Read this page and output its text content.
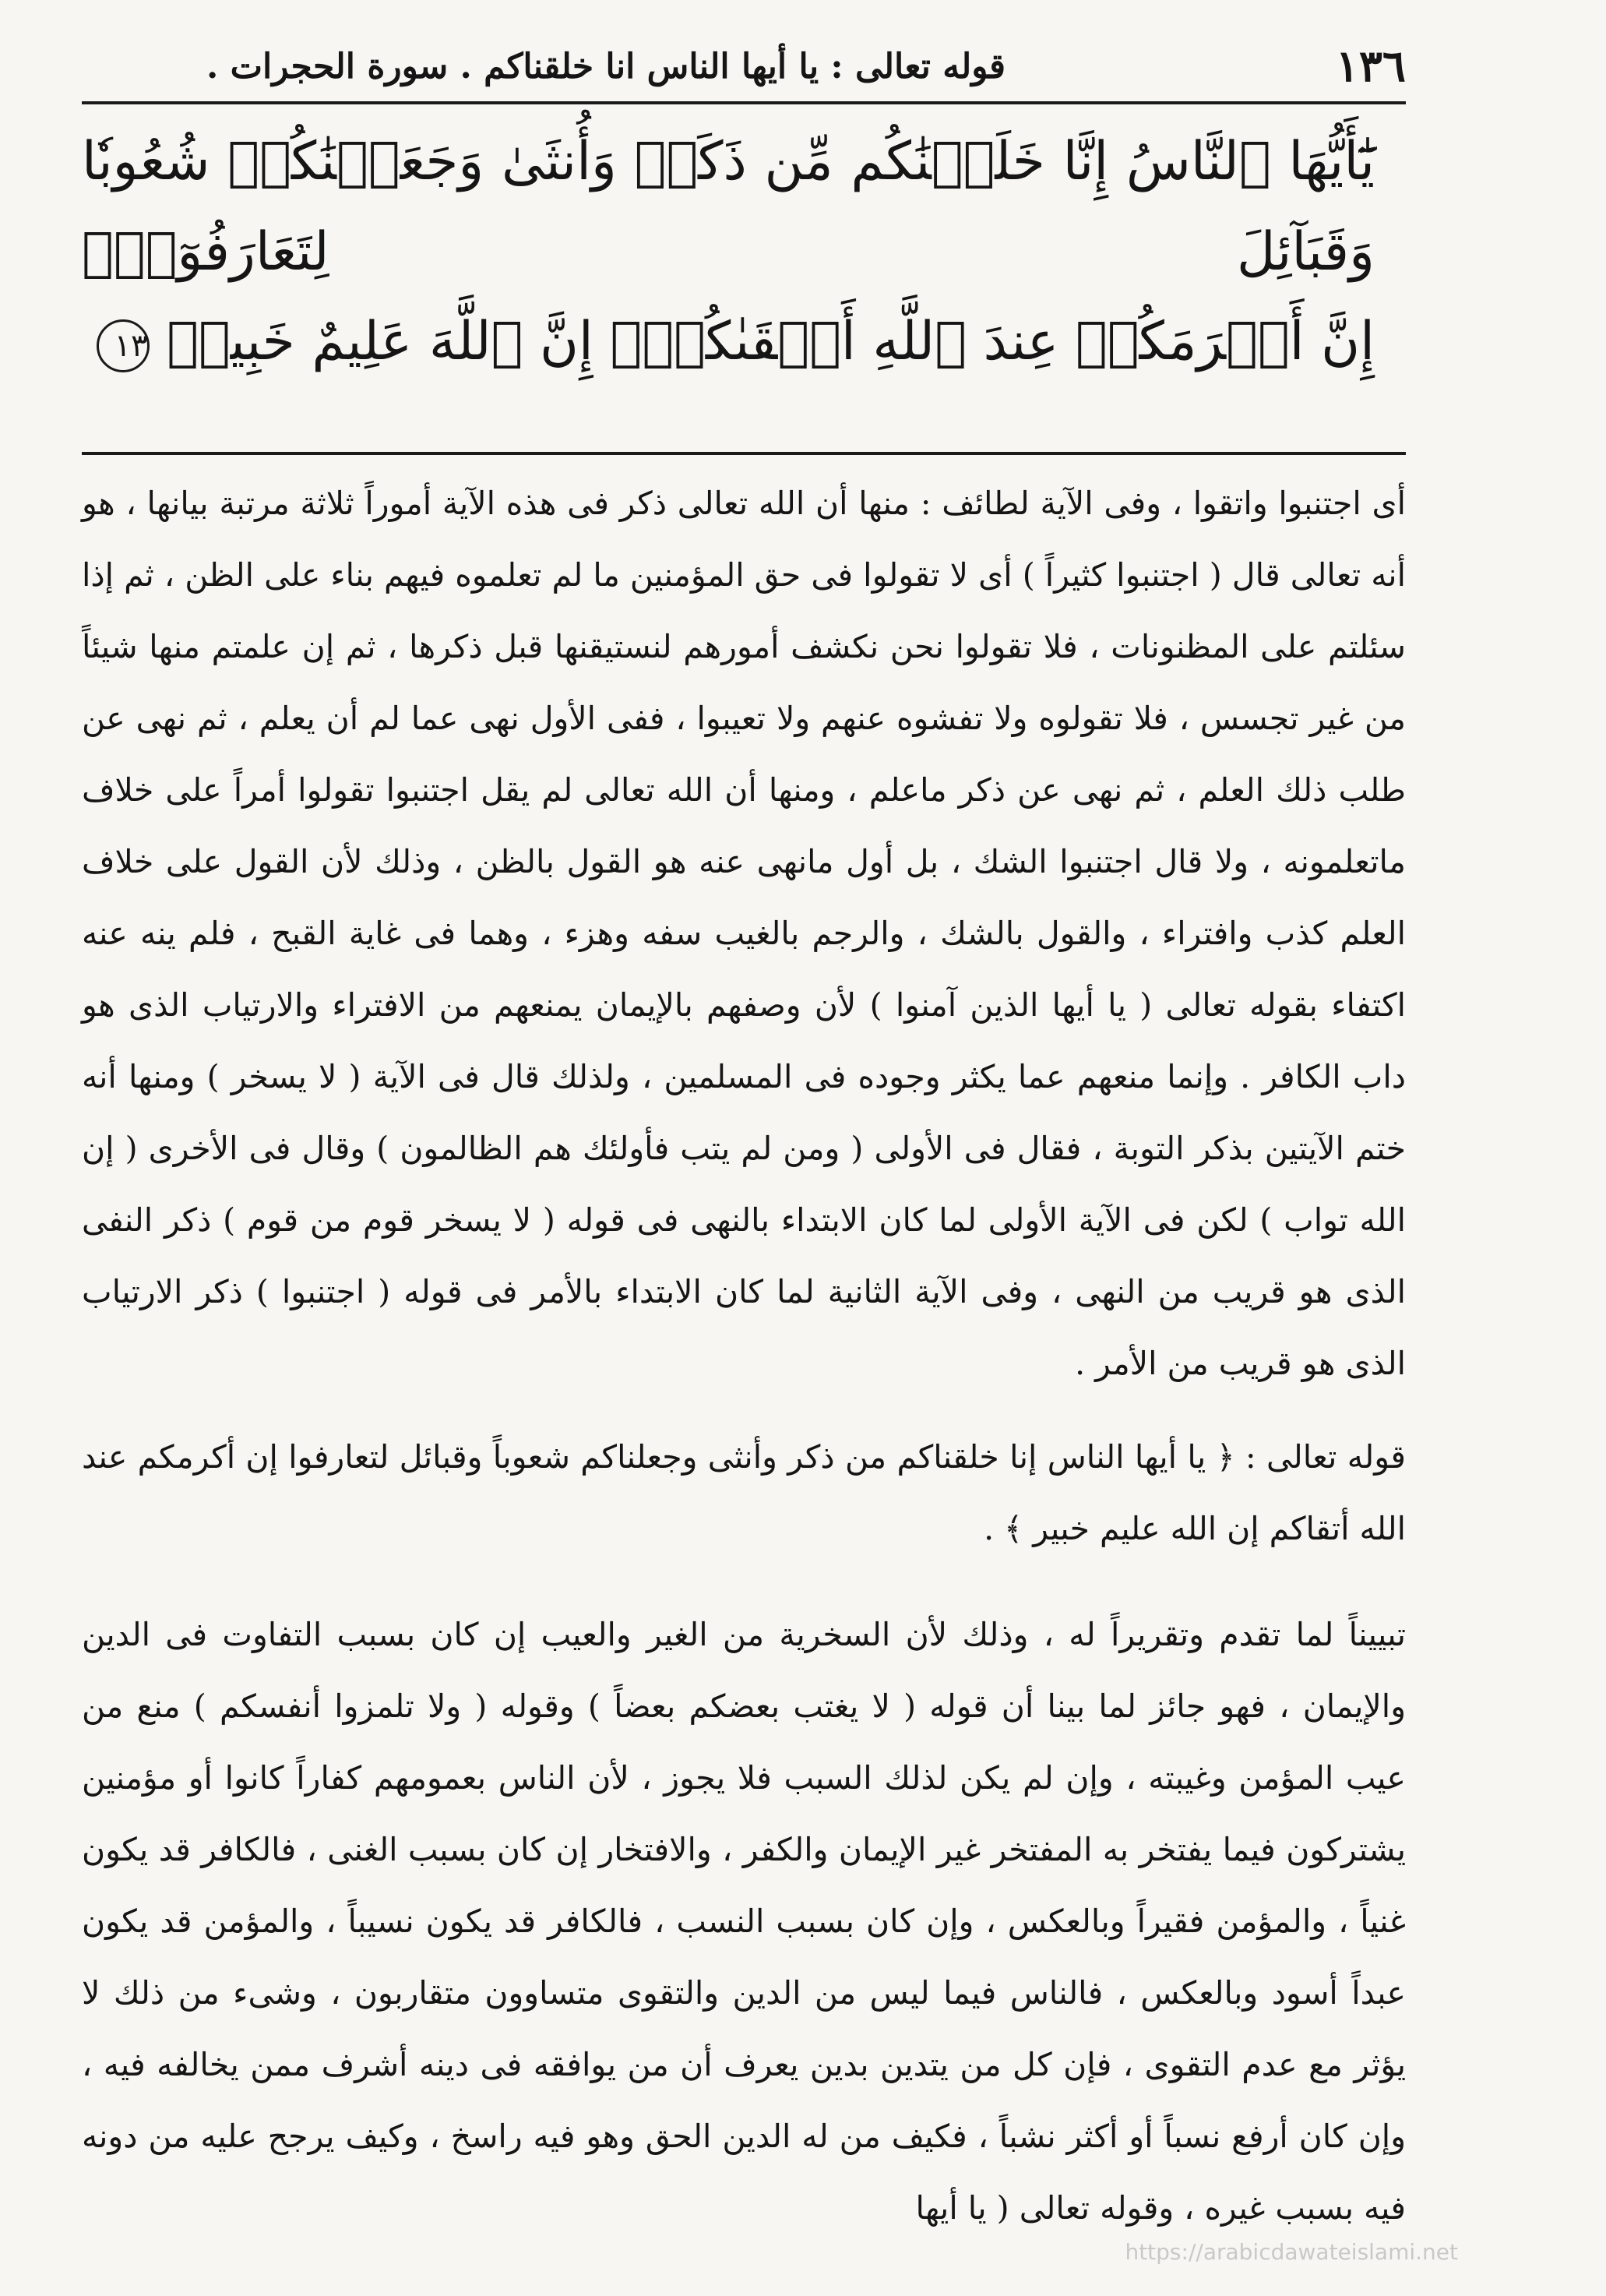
١٣٦
قوله تعالى : يا أيها الناس انا خلقناكم . سورة الحجرات .
يَٰٓأَيُّهَا ٱلنَّاسُ إِنَّا خَلَقۡنَٰكُم مِّن ذَكَرٖ وَأُنثَىٰ وَجَعَلۡنَٰكُمۡ شُعُوبٗا وَقَبَآئِلَ لِتَعَارَفُوٓاْۚ
إِنَّ أَكۡرَمَكُمۡ عِندَ ٱللَّهِ أَتۡقَىٰكُمۡۚ إِنَّ ٱللَّهَ عَلِيمٌ خَبِيرٞ ١٣

أى اجتنبوا واتقوا ، وفى الآية لطائف : منها أن الله تعالى ذكر فى هذه الآية أموراً ثلاثة مرتبة بيانها ، هو أنه تعالى قال ( اجتنبوا كثيراً ) أى لا تقولوا فى حق المؤمنين ما لم تعلموه فيهم بناء على الظن ، ثم إذا سئلتم على المظنونات ، فلا تقولوا نحن نكشف أمورهم لنستيقنها قبل ذكرها ، ثم إن علمتم منها شيئاً من غير تجسس ، فلا تقولوه ولا تفشوه عنهم ولا تعيبوا ، ففى الأول نهى عما لم أن يعلم ، ثم نهى عن طلب ذلك العلم ، ثم نهى عن ذكر ماعلم ، ومنها أن الله تعالى لم يقل اجتنبوا تقولوا أمراً على خلاف ماتعلمونه ، ولا قال اجتنبوا الشك ، بل أول مانهى عنه هو القول بالظن ، وذلك لأن القول على خلاف العلم كذب وافتراء ، والقول بالشك ، والرجم بالغيب سفه وهزء ، وهما فى غاية القبح ، فلم ينه عنه اكتفاء بقوله تعالى ( يا أيها الذين آمنوا ) لأن وصفهم بالإيمان يمنعهم من الافتراء والارتياب الذى هو داب الكافر . وإنما منعهم عما يكثر وجوده فى المسلمين ، ولذلك قال فى الآية ( لا يسخر ) ومنها أنه ختم الآيتين بذكر التوبة ، فقال فى الأولى ( ومن لم يتب فأولئك هم الظالمون ) وقال فى الأخرى ( إن الله تواب ) لكن فى الآية الأولى لما كان الابتداء بالنهى فى قوله ( لا يسخر قوم من قوم ) ذكر النفى الذى هو قريب من النهى ، وفى الآية الثانية لما كان الابتداء بالأمر فى قوله ( اجتنبوا ) ذكر الارتياب الذى هو قريب من الأمر .

قوله تعالى : ﴿ يا أيها الناس إنا خلقناكم من ذكر وأنثى وجعلناكم شعوباً وقبائل لتعارفوا إن أكرمكم عند الله أتقاكم إن الله عليم خبير ﴾ .

تبييناً لما تقدم وتقريراً له ، وذلك لأن السخرية من الغير والعيب إن كان بسبب التفاوت فى الدين والإيمان ، فهو جائز لما بينا أن قوله ( لا يغتب بعضكم بعضاً ) وقوله ( ولا تلمزوا أنفسكم ) منع من عيب المؤمن وغيبته ، وإن لم يكن لذلك السبب فلا يجوز ، لأن الناس بعمومهم كفاراً كانوا أو مؤمنين يشتركون فيما يفتخر به المفتخر غير الإيمان والكفر ، والافتخار إن كان بسبب الغنى ، فالكافر قد يكون غنياً ، والمؤمن فقيراً وبالعكس ، وإن كان بسبب النسب ، فالكافر قد يكون نسيباً ، والمؤمن قد يكون عبداً أسود وبالعكس ، فالناس فيما ليس من الدين والتقوى متساوون متقاربون ، وشىء من ذلك لا يؤثر مع عدم التقوى ، فإن كل من يتدين بدين يعرف أن من يوافقه فى دينه أشرف ممن يخالفه فيه ، وإن كان أرفع نسباً أو أكثر نشباً ، فكيف من له الدين الحق وهو فيه راسخ ، وكيف يرجح عليه من دونه فيه بسبب غيره ، وقوله تعالى ( يا أيها

https://arabicdawateislami.net
